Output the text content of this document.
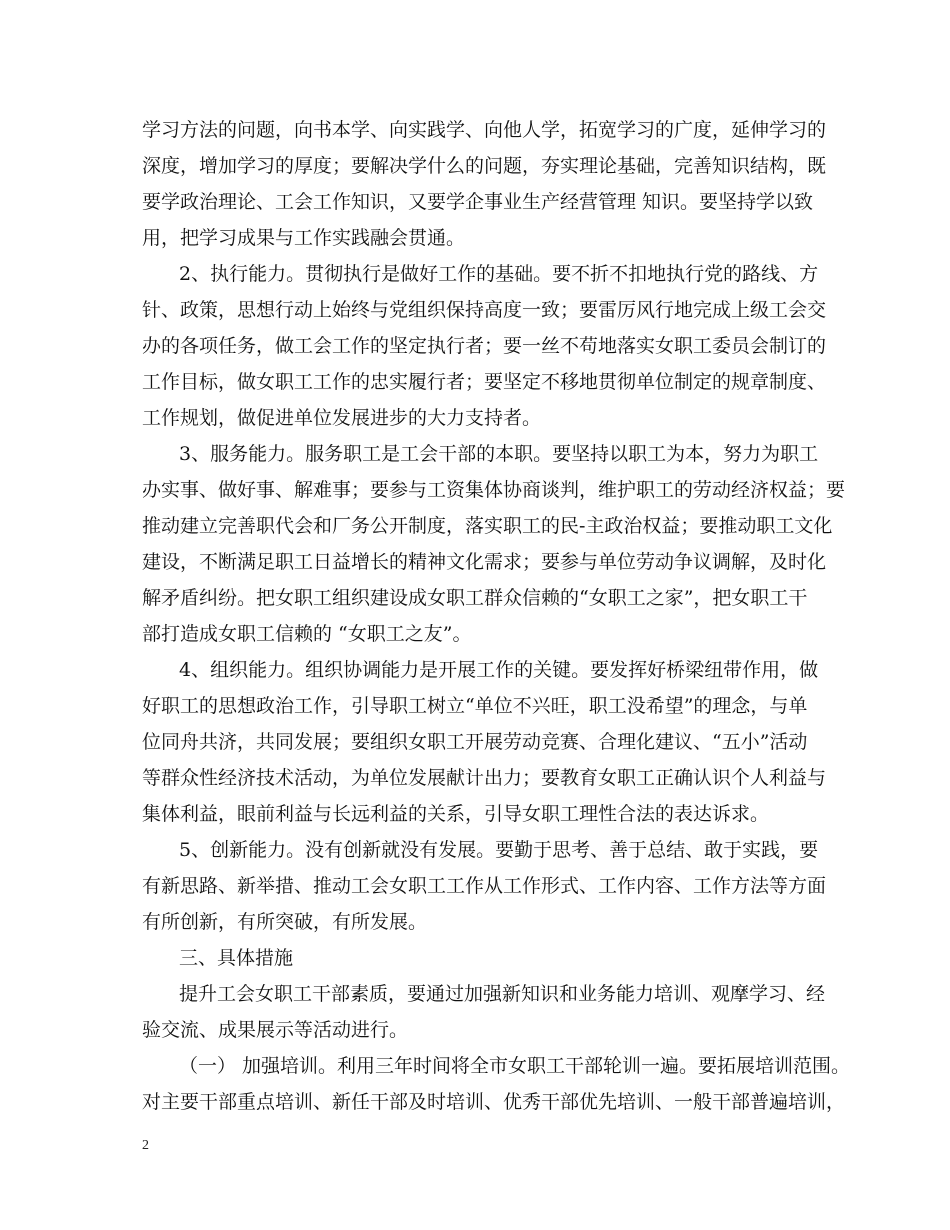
学习方法的问题，向书本学、向实践学、向他人学，拓宽学习的广度，延伸学习的
深度，增加学习的厚度；要解决学什么的问题，夯实理论基础，完善知识结构，既
要学政治理论、工会工作知识，又要学企事业生产经营管理 知识。要坚持学以致
用，把学习成果与工作实践融会贯通。
2、执行能力。贯彻执行是做好工作的基础。要不折不扣地执行党的路线、方
针、政策，思想行动上始终与党组织保持高度一致；要雷厉风行地完成上级工会交
办的各项任务，做工会工作的坚定执行者；要一丝不苟地落实女职工委员会制订的
工作目标，做女职工工作的忠实履行者；要坚定不移地贯彻单位制定的规章制度、
工作规划，做促进单位发展进步的大力支持者。
3、服务能力。服务职工是工会干部的本职。要坚持以职工为本，努力为职工
办实事、做好事、解难事；要参与工资集体协商谈判，维护职工的劳动经济权益；要
推动建立完善职代会和厂务公开制度，落实职工的民-主政治权益；要推动职工文化
建设，不断满足职工日益增长的精神文化需求；要参与单位劳动争议调解，及时化
解矛盾纠纷。把女职工组织建设成女职工群众信赖的“女职工之家”，把女职工干
部打造成女职工信赖的 “女职工之友”。
4、组织能力。组织协调能力是开展工作的关键。要发挥好桥梁纽带作用，做
好职工的思想政治工作，引导职工树立“单位不兴旺，职工没希望”的理念，与单
位同舟共济，共同发展；要组织女职工开展劳动竞赛、合理化建议、“五小”活动
等群众性经济技术活动，为单位发展献计出力；要教育女职工正确认识个人利益与
集体利益，眼前利益与长远利益的关系，引导女职工理性合法的表达诉求。
5、创新能力。没有创新就没有发展。要勤于思考、善于总结、敢于实践，要
有新思路、新举措、推动工会女职工工作从工作形式、工作内容、工作方法等方面
有所创新，有所突破，有所发展。
三、具体措施
提升工会女职工干部素质，要通过加强新知识和业务能力培训、观摩学习、经
验交流、成果展示等活动进行。
（一） 加强培训。利用三年时间将全市女职工干部轮训一遍。要拓展培训范围。
对主要干部重点培训、新任干部及时培训、优秀干部优先培训、一般干部普遍培训，
2
